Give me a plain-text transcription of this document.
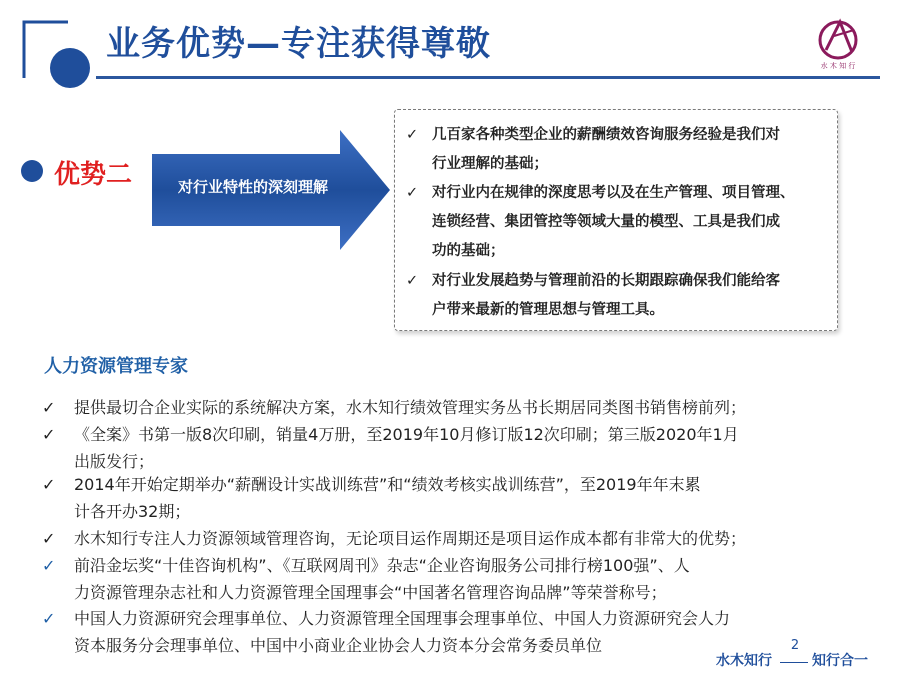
业务优势—专注获得尊敬
水 木 知 行
优势二	对行业特性的深刻理解
✓ 几百家各种类型企业的薪酬绩效咨询服务经验是我们对
行业理解的基础；
✓ 对行业内在规律的深度思考以及在生产管理、项目管理、
连锁经营、集团管控等领域大量的模型、工具是我们成
功的基础；
✓ 对行业发展趋势与管理前沿的长期跟踪确保我们能给客
户带来最新的管理思想与管理工具。
人力资源管理专家
✓ 提供最切合企业实际的系统解决方案，水木知行绩效管理实务丛书长期居同类图书销售榜前列；
✓ 《全案》书第一版8次印刷，销量4万册，至2019年10月修订版12次印刷；第三版2020年1月
出版发行；
✓ 2014年开始定期举办“薪酬设计实战训练营”和“绩效考核实战训练营”，至2019年年末累
计各开办32期；
✓ 水木知行专注人力资源领域管理咨询，无论项目运作周期还是项目运作成本都有非常大的优势；
✓ 前沿金坛奖“十佳咨询机构”、《互联网周刊》杂志“企业咨询服务公司排行榜100强”、人
力资源管理杂志社和人力资源管理全国理事会“中国著名管理咨询品牌”等荣誉称号；
✓ 中国人力资源研究会理事单位、人力资源管理全国理事会理事单位、中国人力资源研究会人力
资本服务分会理事单位、中国中小商业企业协会人力资本分会常务委员单位
水木知行
2
知行合一
